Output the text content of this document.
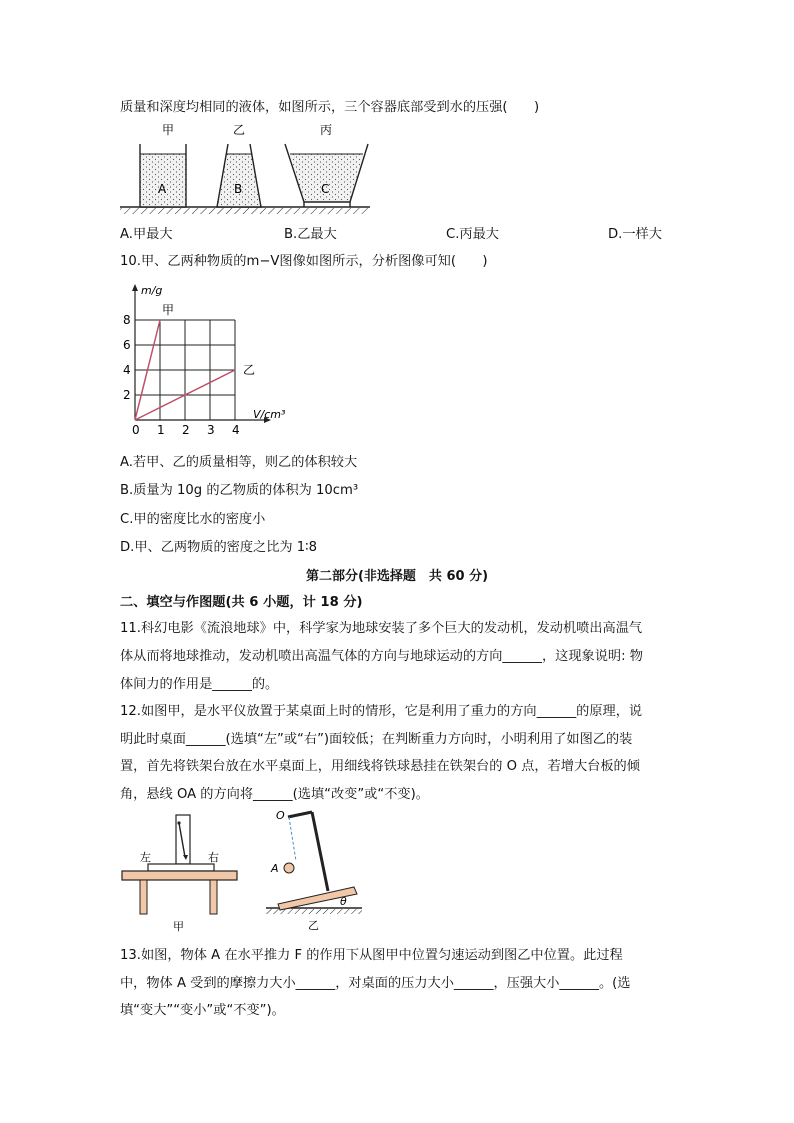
质量和深度均相同的液体，如图所示，三个容器底部受到水的压强(　　)
甲
A
乙
B
丙
C
A.甲最大	B.乙最大	C.丙最大	D.一样大
10.甲、乙两种物质的m−V图像如图所示，分析图像可知(　　)
0 1 2 3 4
2
4
6
8
甲
乙
m/g
V/cm³
A.若甲、乙的质量相等，则乙的体积较大
B.质量为 10g 的乙物质的体积为 10cm³
C.甲的密度比水的密度小
D.甲、乙两物质的密度之比为 1∶8
第二部分(非选择题　共 60 分)
二、填空与作图题(共 6 小题，计 18 分)
11.科幻电影《流浪地球》中，科学家为地球安装了多个巨大的发动机，发动机喷出高温气
体从而将地球推动，发动机喷出高温气体的方向与地球运动的方向______，这现象说明: 物
体间力的作用是______的。
12.如图甲，是水平仪放置于某桌面上时的情形，它是利用了重力的方向______的原理，说
明此时桌面______(选填“左”或“右”)面较低；在判断重力方向时，小明利用了如图乙的装
置，首先将铁架台放在水平桌面上，用细线将铁球悬挂在铁架台的 O 点，若增大台板的倾
角，悬线 OA 的方向将______(选填“改变”或“不变)。
左	右
甲
O
A
θ
乙
13.如图，物体 A 在水平推力 F 的作用下从图甲中位置匀速运动到图乙中位置。此过程
中，物体 A 受到的摩擦力大小______，对桌面的压力大小______，压强大小______。(选
填“变大”“变小”或“不变”)。
